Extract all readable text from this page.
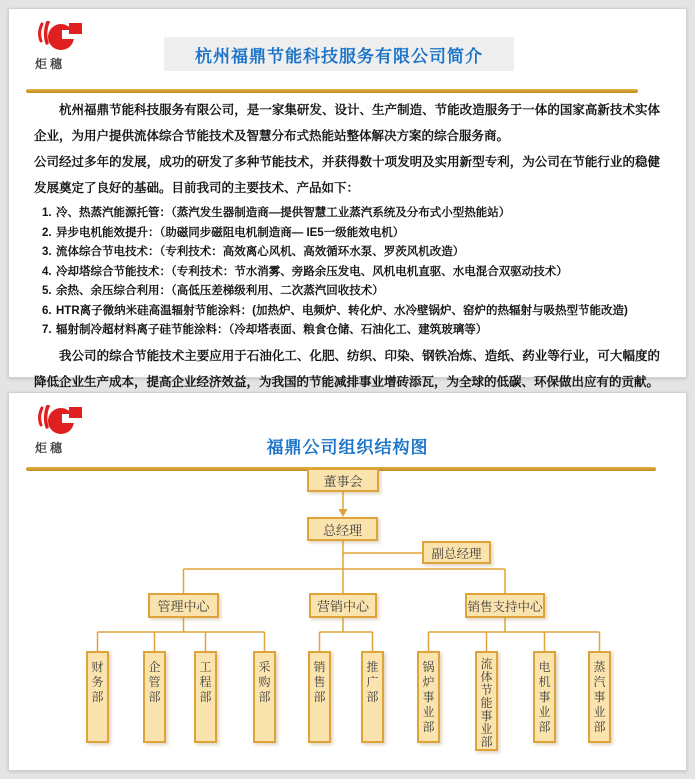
炬穗	杭州福鼎节能科技服务有限公司简介

杭州福鼎节能科技服务有限公司，是一家集研发、设计、生产制造、节能改造服务于一体的国家高新技术实体企业，为用户提供流体综合节能技术及智慧分布式热能站整体解决方案的综合服务商。

公司经过多年的发展，成功的研发了多种节能技术，并获得数十项发明及实用新型专利，为公司在节能行业的稳健发展奠定了良好的基础。目前我司的主要技术、产品如下：

1. 冷、热蒸汽能源托管：（蒸汽发生器制造商—提供智慧工业蒸汽系统及分布式小型热能站）
2. 异步电机能效提升：（助磁同步磁阻电机制造商— IE5一级能效电机）
3. 流体综合节电技术：（专利技术：高效离心风机、高效循环水泵、罗茨风机改造）
4. 冷却塔综合节能技术：（专利技术：节水消雾、旁路余压发电、风机电机直驱、水电混合双驱动技术）
5. 余热、余压综合利用：（高低压差梯级利用、二次蒸汽回收技术）
6. HTR离子微纳米硅高温辐射节能涂料：(加热炉、电频炉、转化炉、水冷壁锅炉、窑炉的热辐射与吸热型节能改造)
7. 辐射制冷超材料离子硅节能涂料：（冷却塔表面、粮食仓储、石油化工、建筑玻璃等）

我公司的综合节能技术主要应用于石油化工、化肥、纺织、印染、钢铁冶炼、造纸、药业等行业，可大幅度的降低企业生产成本，提高企业经济效益，为我国的节能减排事业增砖添瓦，为全球的低碳、环保做出应有的贡献。

炬穗	福鼎公司组织结构图
董事会
总经理
副总经理
管理中心	营销中心	销售支持中心
财务部
企管部
工程部
采购部
销售部
推广部
锅炉事业部
流体节能事业部
电机事业部
蒸汽事业部
